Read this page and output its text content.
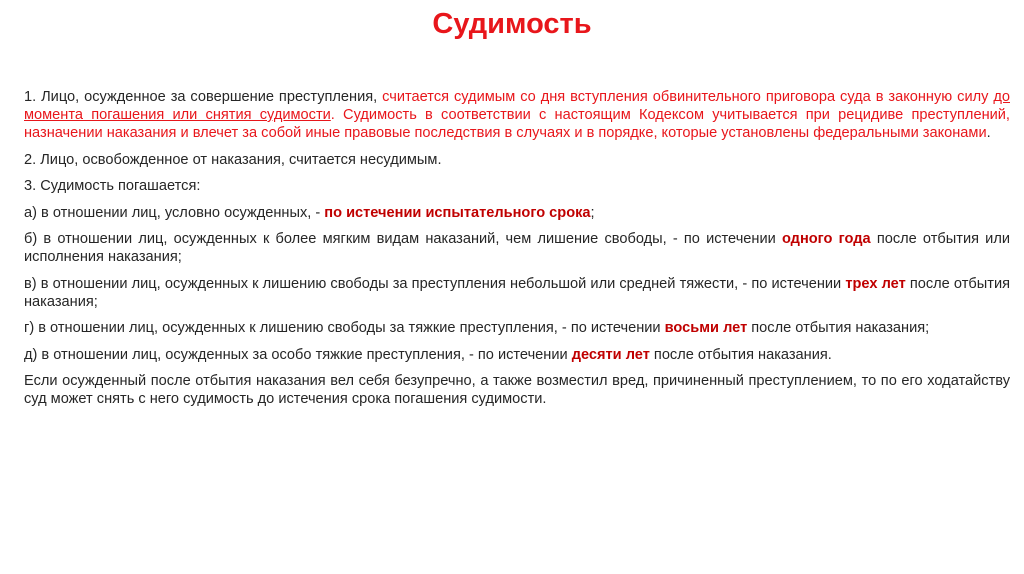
Судимость

1. Лицо, осужденное за совершение преступления, считается судимым со дня вступления обвинительного приговора суда в законную силу до момента погашения или снятия судимости. Судимость в соответствии с настоящим Кодексом учитывается при рецидиве преступлений, назначении наказания и влечет за собой иные правовые последствия в случаях и в порядке, которые установлены федеральными законами.

2. Лицо, освобожденное от наказания, считается несудимым.

3. Судимость погашается:

а) в отношении лиц, условно осужденных, - по истечении испытательного срока;

б) в отношении лиц, осужденных к более мягким видам наказаний, чем лишение свободы, - по истечении одного года после отбытия или исполнения наказания;

в) в отношении лиц, осужденных к лишению свободы за преступления небольшой или средней тяжести, - по истечении трех лет после отбытия наказания;

г) в отношении лиц, осужденных к лишению свободы за тяжкие преступления, - по истечении восьми лет после отбытия наказания;

д) в отношении лиц, осужденных за особо тяжкие преступления, - по истечении десяти лет после отбытия наказания.

Если осужденный после отбытия наказания вел себя безупречно, а также возместил вред, причиненный преступлением, то по его ходатайству суд может снять с него судимость до истечения срока погашения судимости.
